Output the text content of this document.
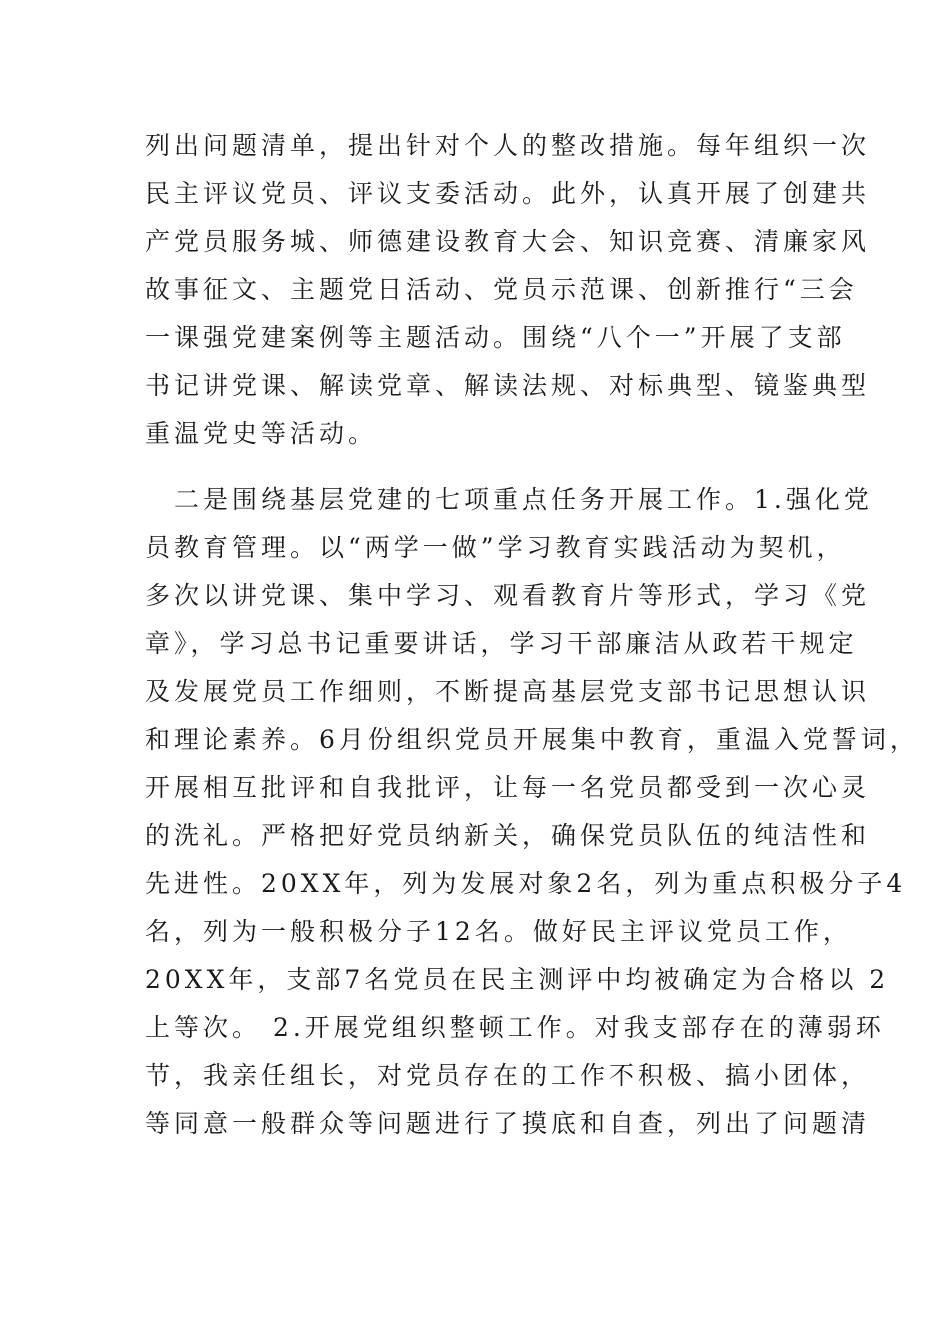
列出问题清单，提出针对个人的整改措施。每年组织一次
民主评议党员、评议支委活动。此外，认真开展了创建共
产党员服务城、师德建设教育大会、知识竞赛、清廉家风
故事征文、主题党日活动、党员示范课、创新推行“三会
一课强党建案例等主题活动。围绕“八个一”开展了支部
书记讲党课、解读党章、解读法规、对标典型、镜鉴典型
重温党史等活动。
　二是围绕基层党建的七项重点任务开展工作。1.强化党
员教育管理。以“两学一做”学习教育实践活动为契机，
多次以讲党课、集中学习、观看教育片等形式，学习《党
章》，学习总书记重要讲话，学习干部廉洁从政若干规定
及发展党员工作细则，不断提高基层党支部书记思想认识
和理论素养。6月份组织党员开展集中教育，重温入党誓词，
开展相互批评和自我批评，让每一名党员都受到一次心灵
的洗礼。严格把好党员纳新关，确保党员队伍的纯洁性和
先进性。20XX年，列为发展对象2名，列为重点积极分子4
名，列为一般积极分子12名。做好民主评议党员工作，
20XX年，支部7名党员在民主测评中均被确定为合格以 2
上等次。 2.开展党组织整顿工作。对我支部存在的薄弱环
节，我亲任组长，对党员存在的工作不积极、搞小团体，
等同意一般群众等问题进行了摸底和自查，列出了问题清
